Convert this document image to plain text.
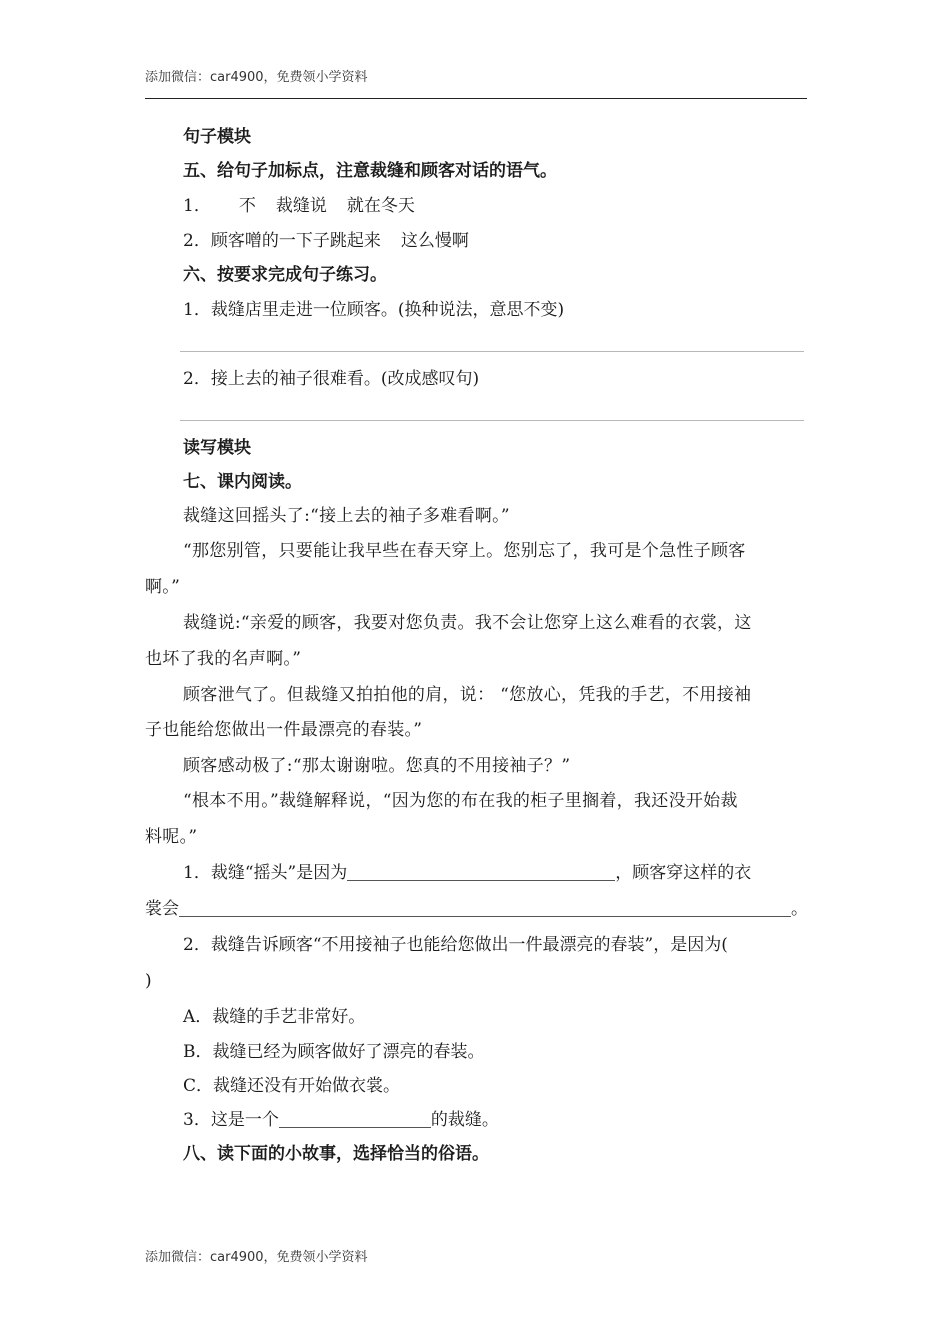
添加微信：car4900，免费领小学资料
句子模块
五、给句子加标点，注意裁缝和顾客对话的语气。
1． 不 裁缝说 就在冬天
2．顾客噌的一下子跳起来 这么慢啊
六、按要求完成句子练习。
1．裁缝店里走进一位顾客。(换种说法，意思不变)
2．接上去的袖子很难看。(改成感叹句)
读写模块
七、课内阅读。
裁缝这回摇头了:“接上去的袖子多难看啊。”
“那您别管，只要能让我早些在春天穿上。您别忘了，我可是个急性子顾客
啊。”
裁缝说:“亲爱的顾客，我要对您负责。我不会让您穿上这么难看的衣裳，这
也坏了我的名声啊。”
顾客泄气了。但裁缝又拍拍他的肩，说： “您放心，凭我的手艺，不用接袖
子也能给您做出一件最漂亮的春装。”
顾客感动极了:“那太谢谢啦。您真的不用接袖子？”
“根本不用。”裁缝解释说，“因为您的布在我的柜子里搁着，我还没开始裁
料呢。”
1．裁缝“摇头”是因为	，顾客穿这样的衣
裳会	。
2．裁缝告诉顾客“不用接袖子也能给您做出一件最漂亮的春装”，是因为(
)
A．裁缝的手艺非常好。
B．裁缝已经为顾客做好了漂亮的春装。
C．裁缝还没有开始做衣裳。
3．这是一个	的裁缝。
八、读下面的小故事，选择恰当的俗语。
添加微信：car4900，免费领小学资料
